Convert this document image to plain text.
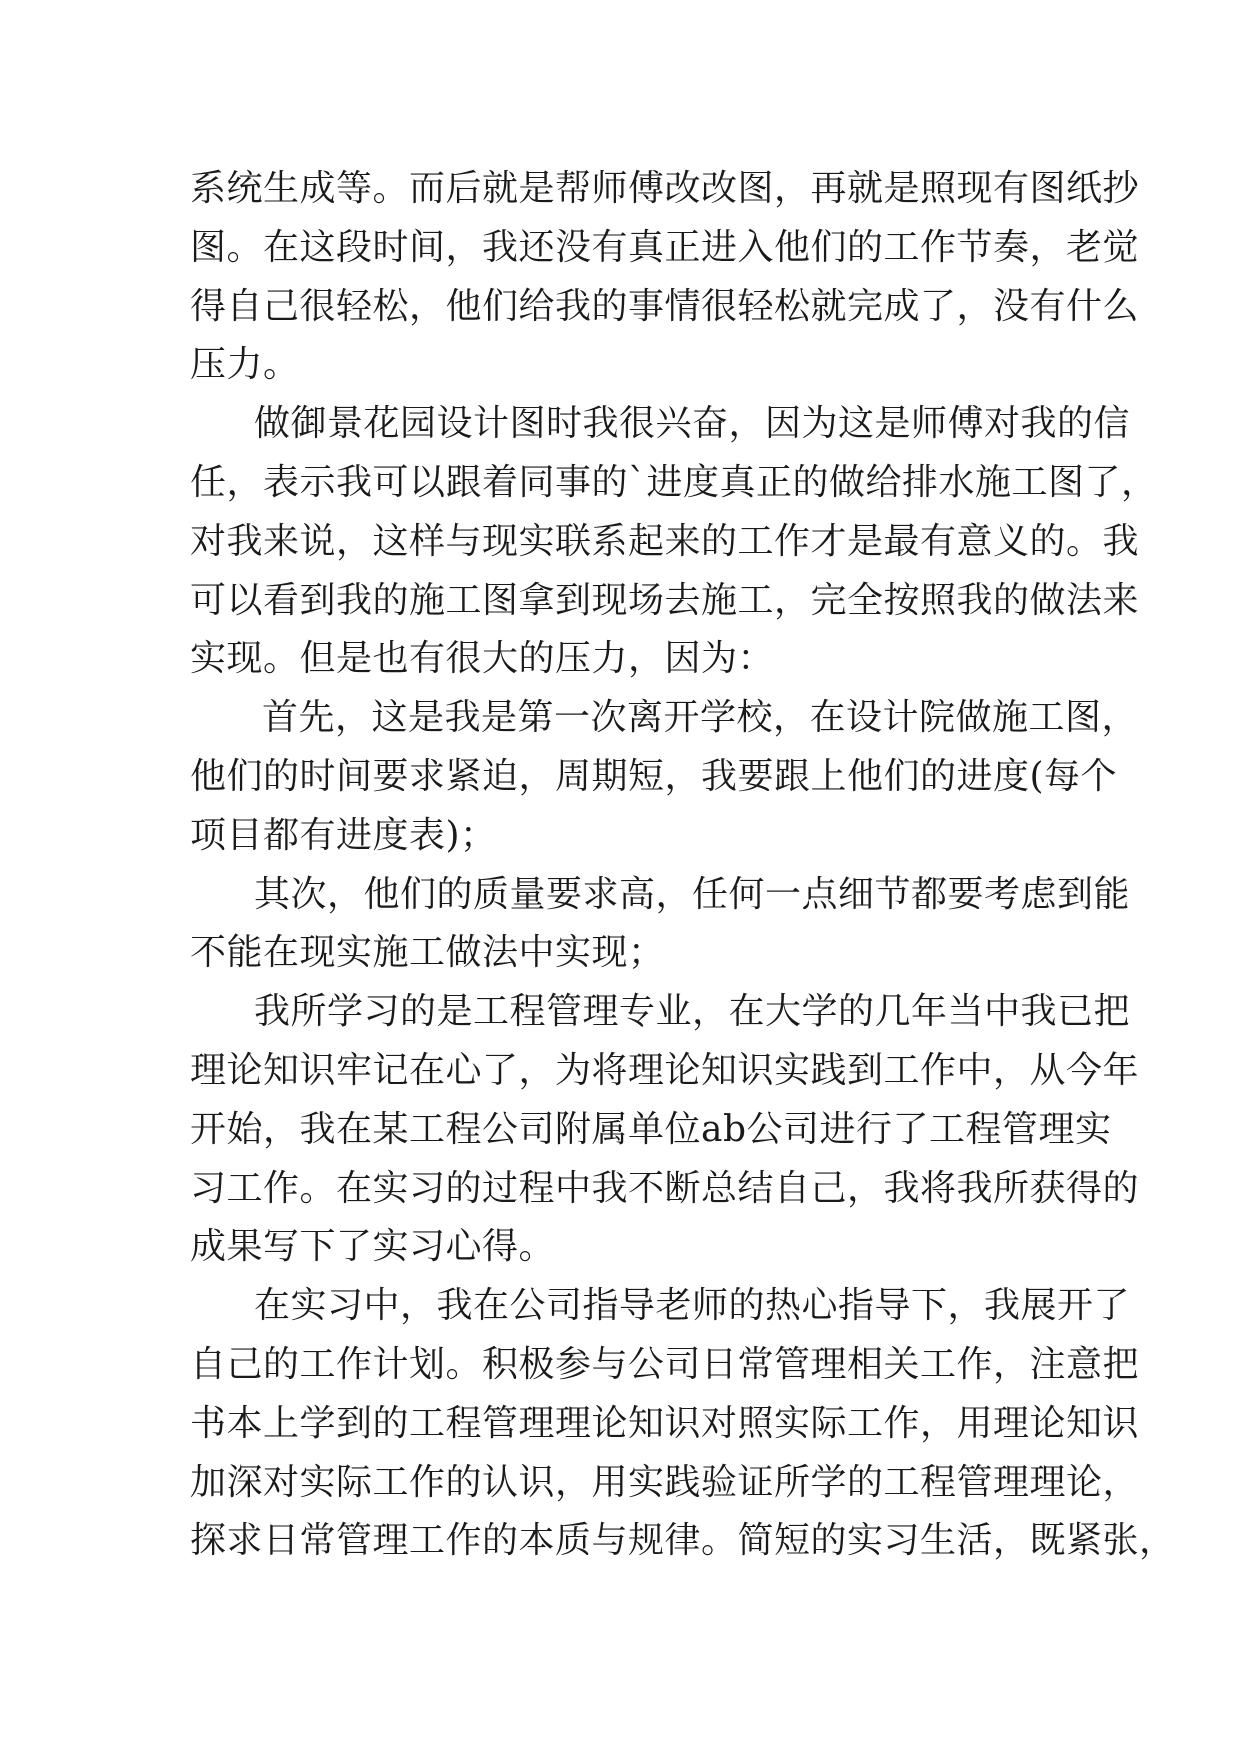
系统生成等。而后就是帮师傅改改图，再就是照现有图纸抄
图。在这段时间，我还没有真正进入他们的工作节奏，老觉
得自己很轻松，他们给我的事情很轻松就完成了，没有什么
压力。
做御景花园设计图时我很兴奋，因为这是师傅对我的信
任，表示我可以跟着同事的`进度真正的做给排水施工图了，
对我来说，这样与现实联系起来的工作才是最有意义的。我
可以看到我的施工图拿到现场去施工，完全按照我的做法来
实现。但是也有很大的压力，因为：
首先，这是我是第一次离开学校，在设计院做施工图，
他们的时间要求紧迫，周期短，我要跟上他们的进度(每个
项目都有进度表)；
其次，他们的质量要求高，任何一点细节都要考虑到能
不能在现实施工做法中实现；
我所学习的是工程管理专业，在大学的几年当中我已把
理论知识牢记在心了，为将理论知识实践到工作中，从今年
开始，我在某工程公司附属单位ab公司进行了工程管理实
习工作。在实习的过程中我不断总结自己，我将我所获得的
成果写下了实习心得。
在实习中，我在公司指导老师的热心指导下，我展开了
自己的工作计划。积极参与公司日常管理相关工作，注意把
书本上学到的工程管理理论知识对照实际工作，用理论知识
加深对实际工作的认识，用实践验证所学的工程管理理论，
探求日常管理工作的本质与规律。简短的实习生活，既紧张，
